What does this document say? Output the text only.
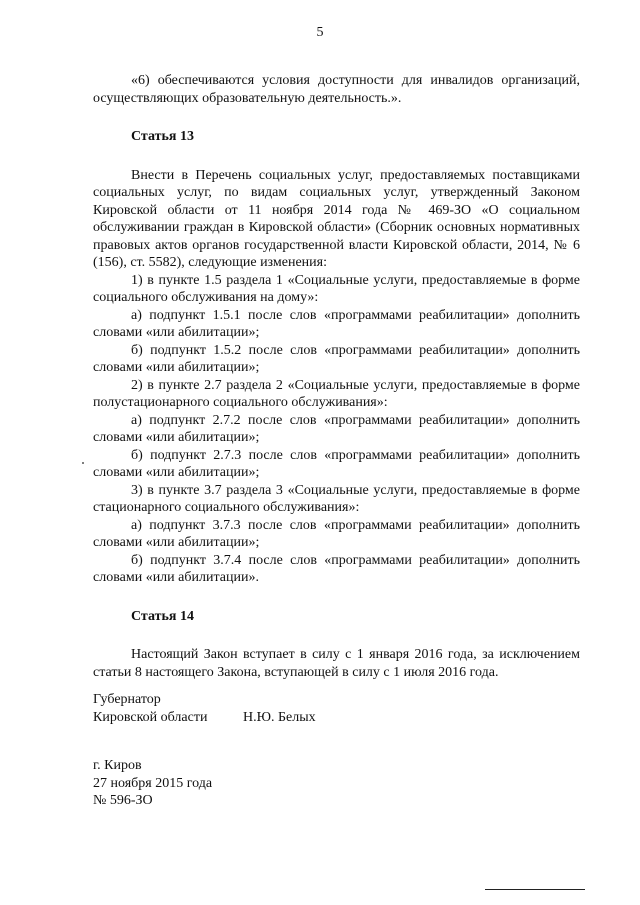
5

«6) обеспечиваются условия доступности для инвалидов организаций, осуществляющих образовательную деятельность.».

Статья 13

Внести в Перечень социальных услуг, предоставляемых поставщиками социальных услуг, по видам социальных услуг, утвержденный Законом Кировской области от 11 ноября 2014 года № 469-ЗО «О социальном обслуживании граждан в Кировской области» (Сборник основных нормативных правовых актов органов государственной власти Кировской области, 2014, № 6 (156), ст. 5582), следующие изменения:

1) в пункте 1.5 раздела 1 «Социальные услуги, предоставляемые в форме социального обслуживания на дому»:

а) подпункт 1.5.1 после слов «программами реабилитации» дополнить словами «или абилитации»;

б) подпункт 1.5.2 после слов «программами реабилитации» дополнить словами «или абилитации»;

2) в пункте 2.7 раздела 2 «Социальные услуги, предоставляемые в форме полустационарного социального обслуживания»:

а) подпункт 2.7.2 после слов «программами реабилитации» дополнить словами «или абилитации»;

б) подпункт 2.7.3 после слов «программами реабилитации» дополнить словами «или абилитации»;

3) в пункте 3.7 раздела 3 «Социальные услуги, предоставляемые в форме стационарного социального обслуживания»:

а) подпункт 3.7.3 после слов «программами реабилитации» дополнить словами «или абилитации»;

б) подпункт 3.7.4 после слов «программами реабилитации» дополнить словами «или абилитации».

Статья 14

Настоящий Закон вступает в силу с 1 января 2016 года, за исключением статьи 8 настоящего Закона, вступающей в силу с 1 июля 2016 года.

Губернатор
Кировской области	Н.Ю. Белых
г. Киров
27 ноября 2015 года
№ 596-ЗО
